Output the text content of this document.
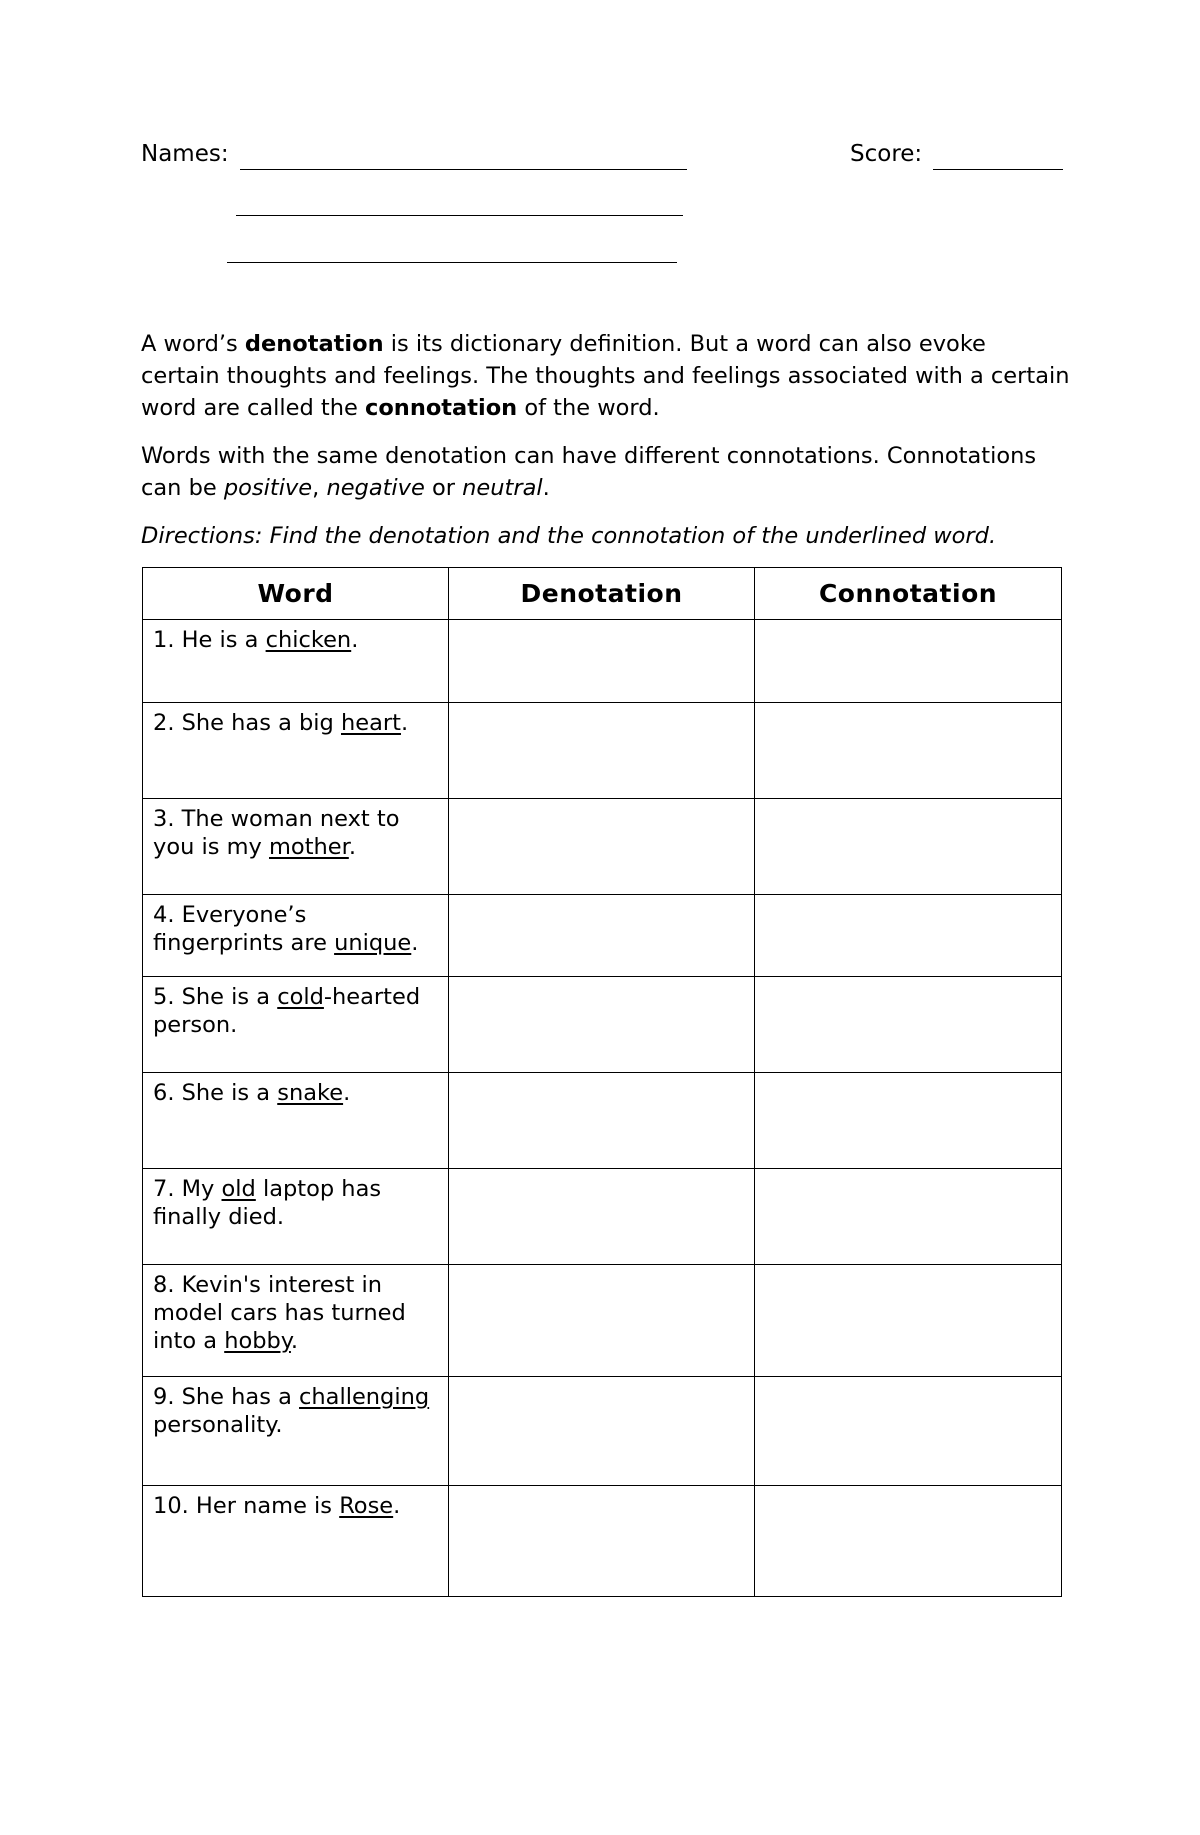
Names:	Score:

A word’s denotation is its dictionary definition. But a word can also evoke certain thoughts and feelings. The thoughts and feelings associated with a certain word are called the connotation of the word.

Words with the same denotation can have different connotations. Connotations can be positive, negative or neutral.

Directions: Find the denotation and the connotation of the underlined word.

Word	Denotation	Connotation
1. He is a chicken.		
2. She has a big heart.		
3. The woman next to you is my mother.		
4. Everyone’s fingerprints are unique.		
5. She is a cold-hearted person.		
6. She is a snake.		
7. My old laptop has finally died.		
8. Kevin's interest in model cars has turned into a hobby.		
9. She has a challenging personality.		
10. Her name is Rose.		
